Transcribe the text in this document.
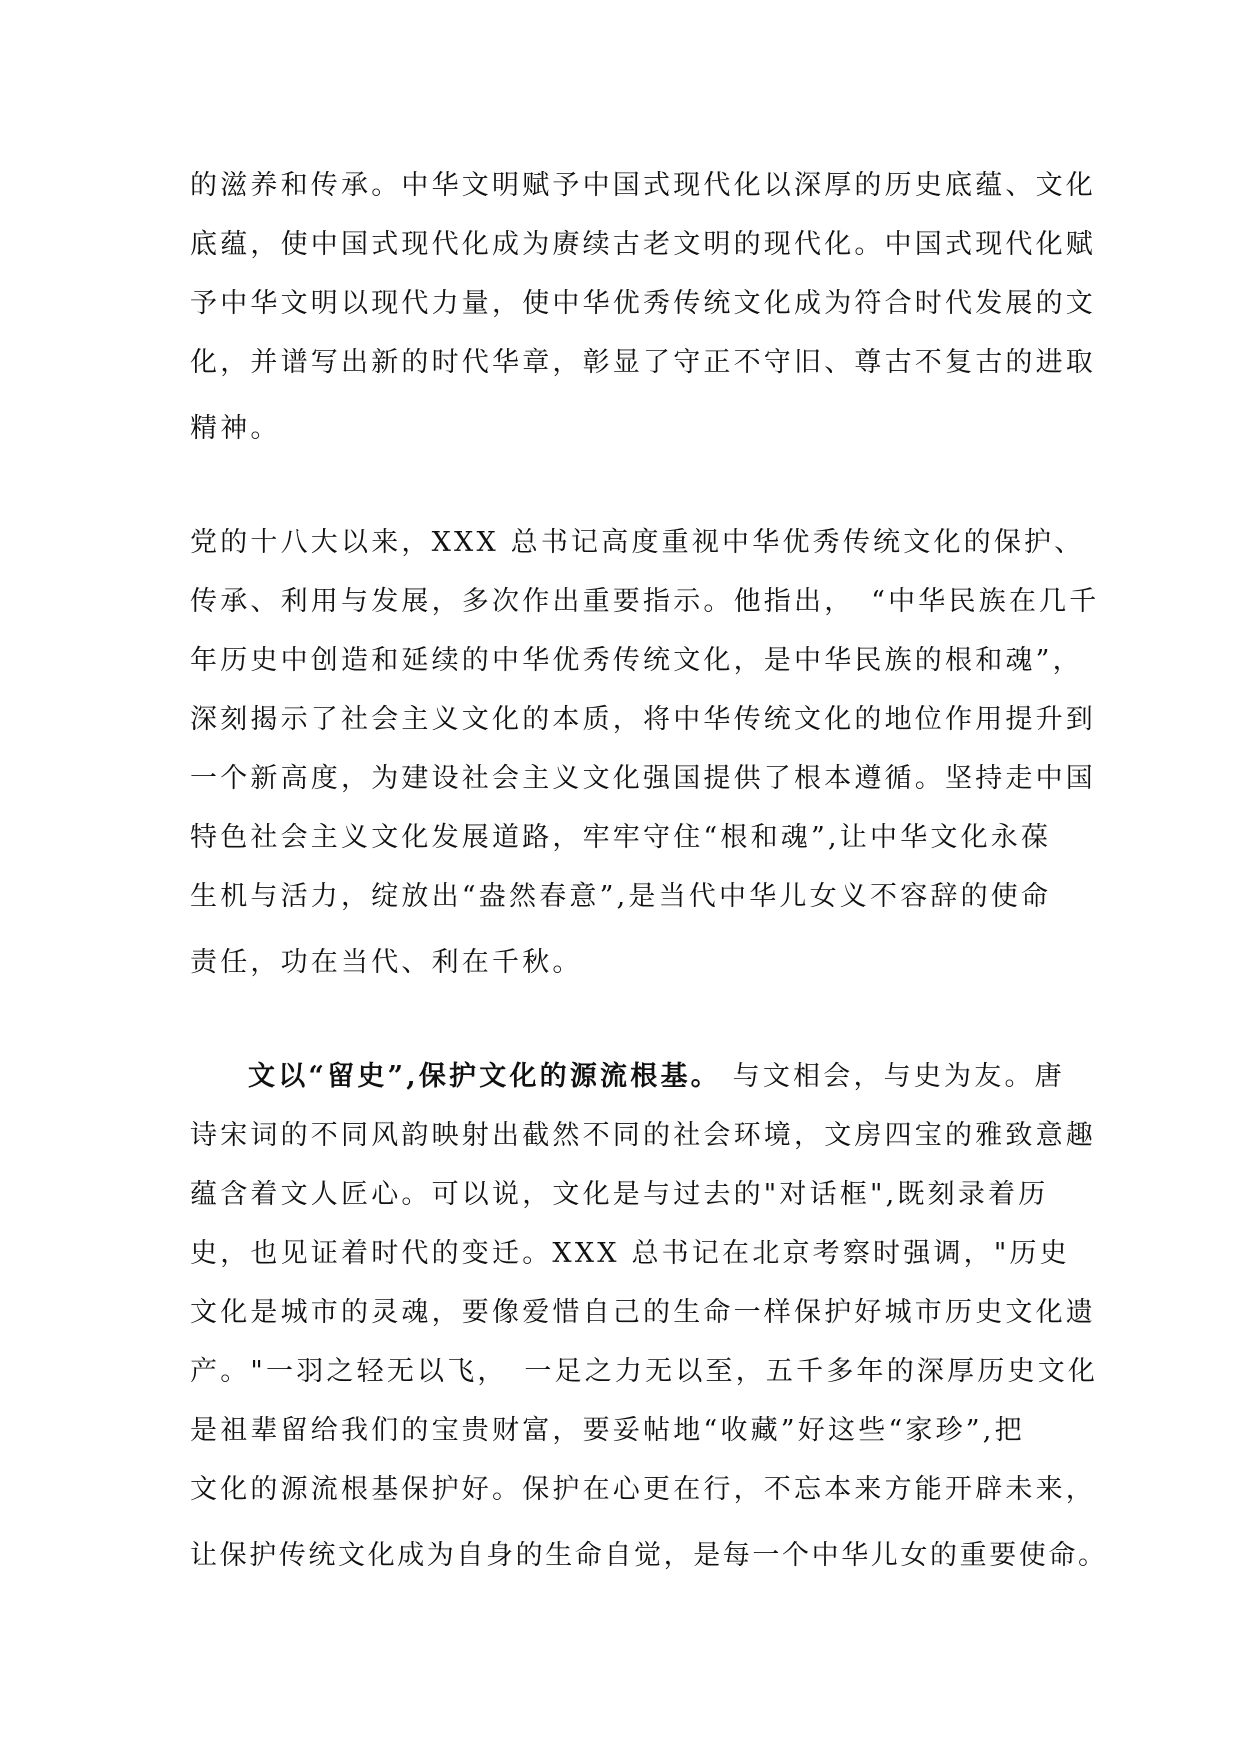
的滋养和传承。中华文明赋予中国式现代化以深厚的历史底蕴、文化
底蕴，使中国式现代化成为赓续古老文明的现代化。中国式现代化赋
予中华文明以现代力量，使中华优秀传统文化成为符合时代发展的文
化，并谱写出新的时代华章，彰显了守正不守旧、尊古不复古的进取
精神。
党的十八大以来，XXX 总书记高度重视中华优秀传统文化的保护、
传承、利用与发展，多次作出重要指示。他指出，　“中华民族在几千
年历史中创造和延续的中华优秀传统文化，是中华民族的根和魂”，
深刻揭示了社会主义文化的本质，将中华传统文化的地位作用提升到
一个新高度，为建设社会主义文化强国提供了根本遵循。坚持走中国
特色社会主义文化发展道路，牢牢守住“根和魂”,让中华文化永葆
生机与活力，绽放出“盎然春意”,是当代中华儿女义不容辞的使命
责任，功在当代、利在千秋。
文以“留史”,保护文化的源流根基。 与文相会，与史为友。唐
诗宋词的不同风韵映射出截然不同的社会环境，文房四宝的雅致意趣
蕴含着文人匠心。可以说，文化是与过去的"对话框",既刻录着历
史，也见证着时代的变迁。XXX 总书记在北京考察时强调，"历史
文化是城市的灵魂，要像爱惜自己的生命一样保护好城市历史文化遗
产。"一羽之轻无以飞，　一足之力无以至，五千多年的深厚历史文化
是祖辈留给我们的宝贵财富，要妥帖地“收藏”好这些“家珍”,把
文化的源流根基保护好。保护在心更在行，不忘本来方能开辟未来，
让保护传统文化成为自身的生命自觉，是每一个中华儿女的重要使命。
